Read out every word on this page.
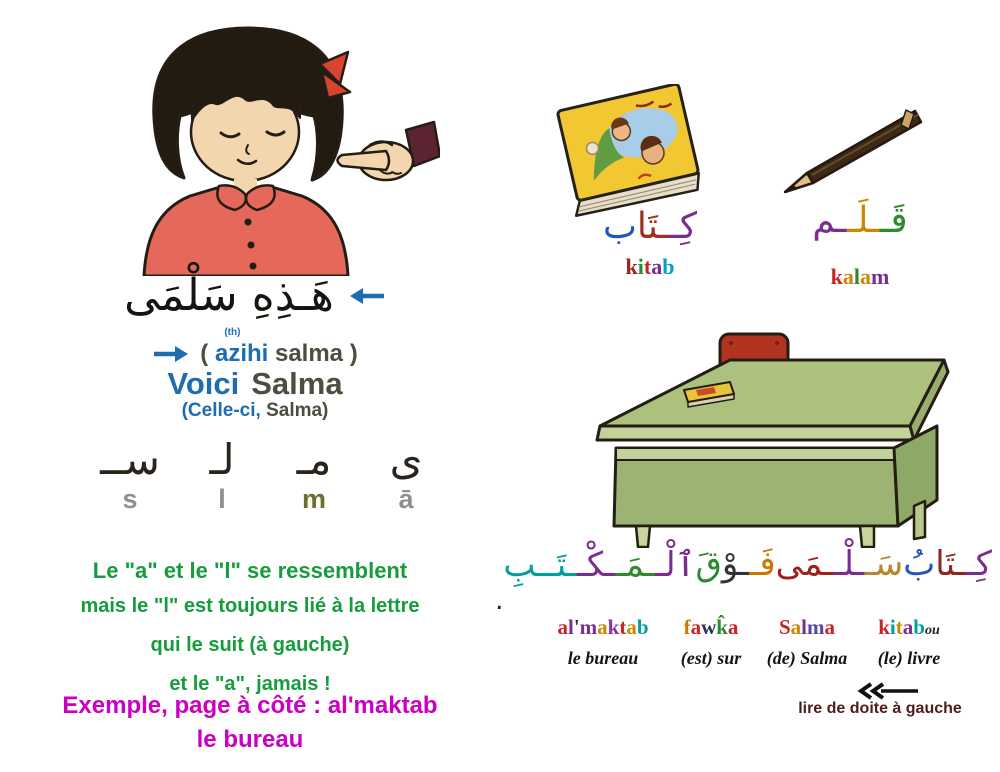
هَـذِهِ سَلْمَى
( az
(th)
ihi salma )
Voici Salma
(Celle-ci, Salma)
ســ
s
لـ
l
مـ
m
ى
ā
Le "a" et le "l" se ressemblent
mais le "l" est toujours lié à la lettre
qui le suit (à gauche)
et le "a", jamais !
Exemple, page à côté : al'maktab
le bureau
كِــتَاب
kitab
قَــلَــم
kalam
كِــتَابُ
سَــلْــمَى
فَــوْقَ
ٱلْــمَــكْــتَــبِ
.
al'maktab
le bureau
fawk̂a
(est) sur
Salma
(de) Salma
kitabou
(le) livre
lire de doite à gauche
